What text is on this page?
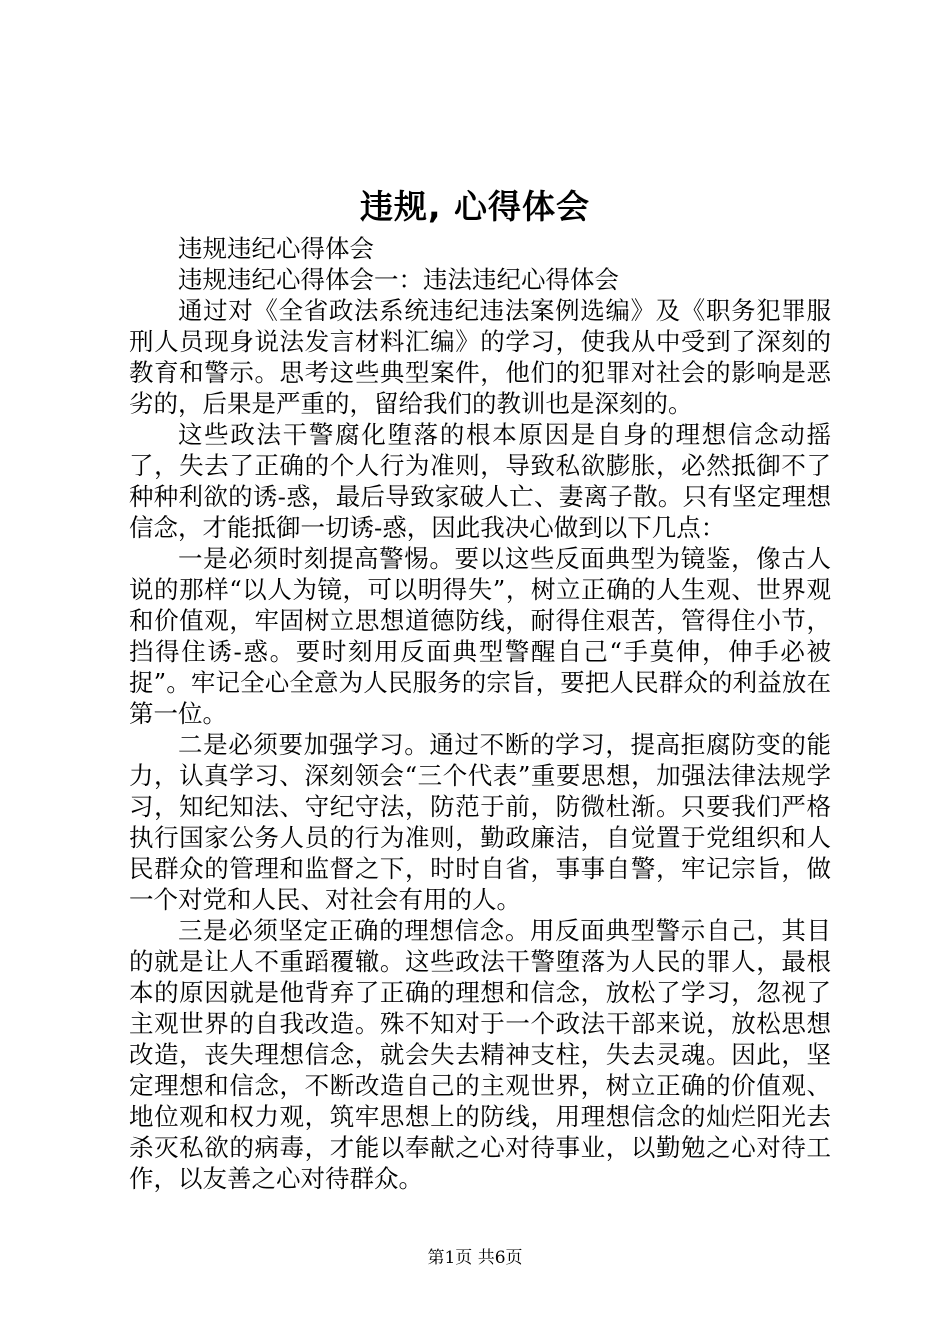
违规, 心得体会

违规违纪心得体会

违规违纪心得体会一：违法违纪心得体会

通过对《全省政法系统违纪违法案例选编》及《职务犯罪服刑人员现身说法发言材料汇编》的学习，使我从中受到了深刻的教育和警示。思考这些典型案件，他们的犯罪对社会的影响是恶劣的，后果是严重的，留给我们的教训也是深刻的。

这些政法干警腐化堕落的根本原因是自身的理想信念动摇了，失去了正确的个人行为准则，导致私欲膨胀，必然抵御不了种种利欲的诱-惑，最后导致家破人亡、妻离子散。只有坚定理想信念，才能抵御一切诱-惑，因此我决心做到以下几点：

一是必须时刻提高警惕。要以这些反面典型为镜鉴，像古人说的那样“以人为镜，可以明得失”，树立正确的人生观、世界观和价值观，牢固树立思想道德防线，耐得住艰苦，管得住小节，挡得住诱-惑。要时刻用反面典型警醒自己“手莫伸，伸手必被捉”。牢记全心全意为人民服务的宗旨，要把人民群众的利益放在第一位。

二是必须要加强学习。通过不断的学习，提高拒腐防变的能力，认真学习、深刻领会“三个代表”重要思想，加强法律法规学习，知纪知法、守纪守法，防范于前，防微杜渐。只要我们严格执行国家公务人员的行为准则，勤政廉洁，自觉置于党组织和人民群众的管理和监督之下，时时自省，事事自警，牢记宗旨，做一个对党和人民、对社会有用的人。

三是必须坚定正确的理想信念。用反面典型警示自己，其目的就是让人不重蹈覆辙。这些政法干警堕落为人民的罪人，最根本的原因就是他背弃了正确的理想和信念，放松了学习，忽视了主观世界的自我改造。殊不知对于一个政法干部来说，放松思想改造，丧失理想信念，就会失去精神支柱，失去灵魂。因此，坚定理想和信念，不断改造自己的主观世界，树立正确的价值观、地位观和权力观，筑牢思想上的防线，用理想信念的灿烂阳光去杀灭私欲的病毒，才能以奉献之心对待事业，以勤勉之心对待工作，以友善之心对待群众。

第1页 共6页
